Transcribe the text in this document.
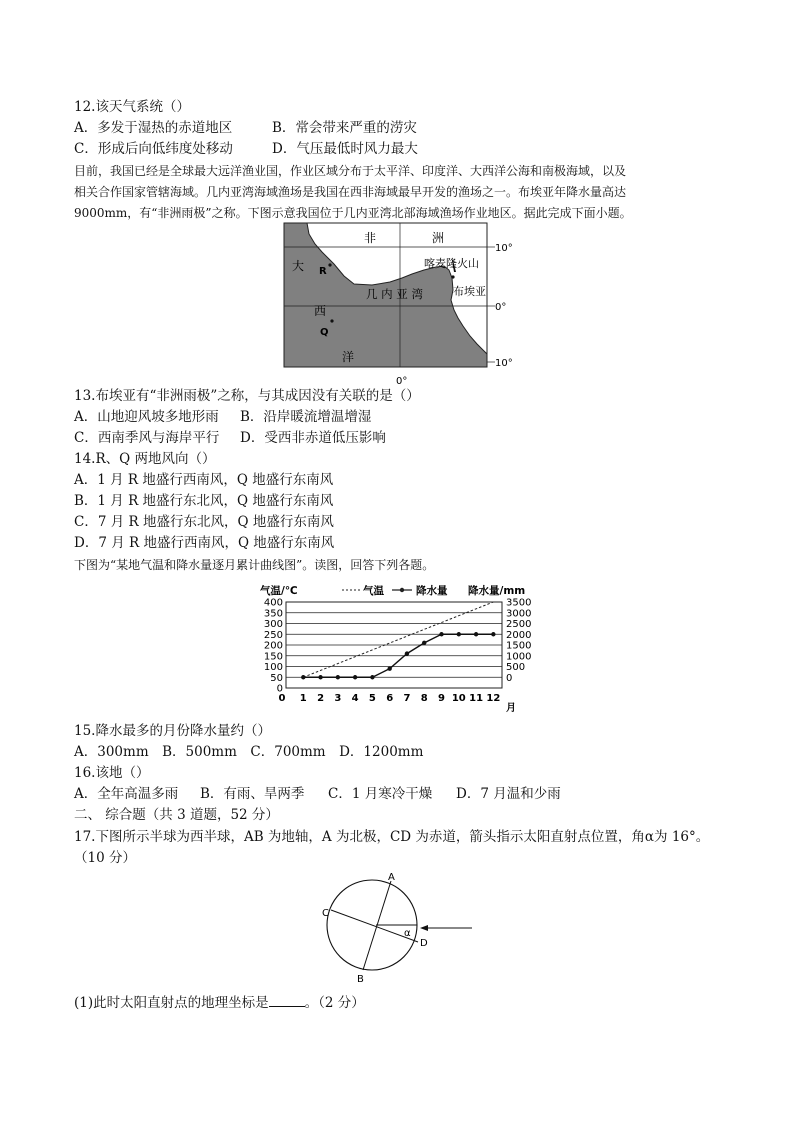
12.该天气系统（）
A．多发于湿热的赤道地区	B．常会带来严重的涝灾
C．形成后向低纬度处移动	D．气压最低时风力最大
目前，我国已经是全球最大远洋渔业国，作业区域分布于太平洋、印度洋、大西洋公海和南极海域，以及
相关合作国家管辖海域。几内亚湾海域渔场是我国在西非海域最早开发的渔场之一。布埃亚年降水量高达
9000mm，有“非洲雨极”之称。下图示意我国位于几内亚湾北部海域渔场作业地区。据此完成下面小题。
非	洲
大 R
西
Q
洋
几 内 亚 湾
喀麦隆火山
布埃亚
10°
0°
10°
0°
13.布埃亚有“非洲雨极”之称，与其成因没有关联的是（）
A．山地迎风坡多地形雨 B．沿岸暖流增温增湿
C．西南季风与海岸平行 D．受西非赤道低压影响
14.R、Q 两地风向（）
A．1 月 R 地盛行西南风，Q 地盛行东南风
B．1 月 R 地盛行东北风，Q 地盛行东南风
C．7 月 R 地盛行东北风，Q 地盛行东南风
D．7 月 R 地盛行西南风，Q 地盛行东南风
下图为“某地气温和降水量逐月累计曲线图”。读图，回答下列各题。
0
50
100
150
200
250
300
350
400
0
500
1000
1500
2000
2500
3000
3500
0 1 2 3 4 5 6 7 8 9 10 11 12
气温/℃	降水量/mm
气温	降水量
月
15.降水最多的月份降水量约（）
A．300mm　B．500mm　C．700mm　D．1200mm
16.该地（）
A．全年高温多雨 B．有雨、旱两季 C．1 月寒冷干燥 D．7 月温和少雨
二、 综合题（共 3 道题，52 分）
17.下图所示半球为西半球，AB 为地轴，A 为北极，CD 为赤道，箭头指示太阳直射点位置，角α为 16°。
（10 分）
A
B
C
D
α
(1)此时太阳直射点的地理坐标是	。（2 分）
